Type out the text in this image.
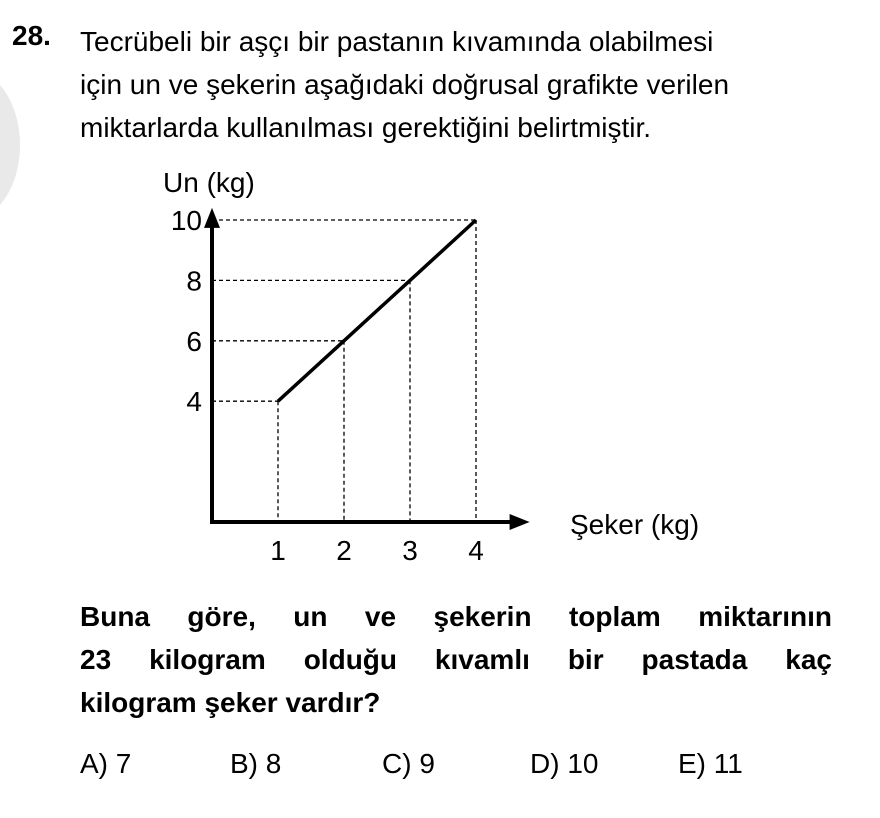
28. Tecrübeli bir aşçı bir pastanın kıvamında olabilmesi
için un ve şekerin aşağıdaki doğrusal grafikte verilen
miktarlarda kullanılması gerektiğini belirtmiştir.

1 2 3 4
4
6
8
10
Un (kg)
Şeker (kg)

Buna göre, un ve şekerin toplam miktarının
23 kilogram olduğu kıvamlı bir pastada kaç
kilogram şeker vardır?

A) 7	B) 8	C) 9	D) 10	E) 11
